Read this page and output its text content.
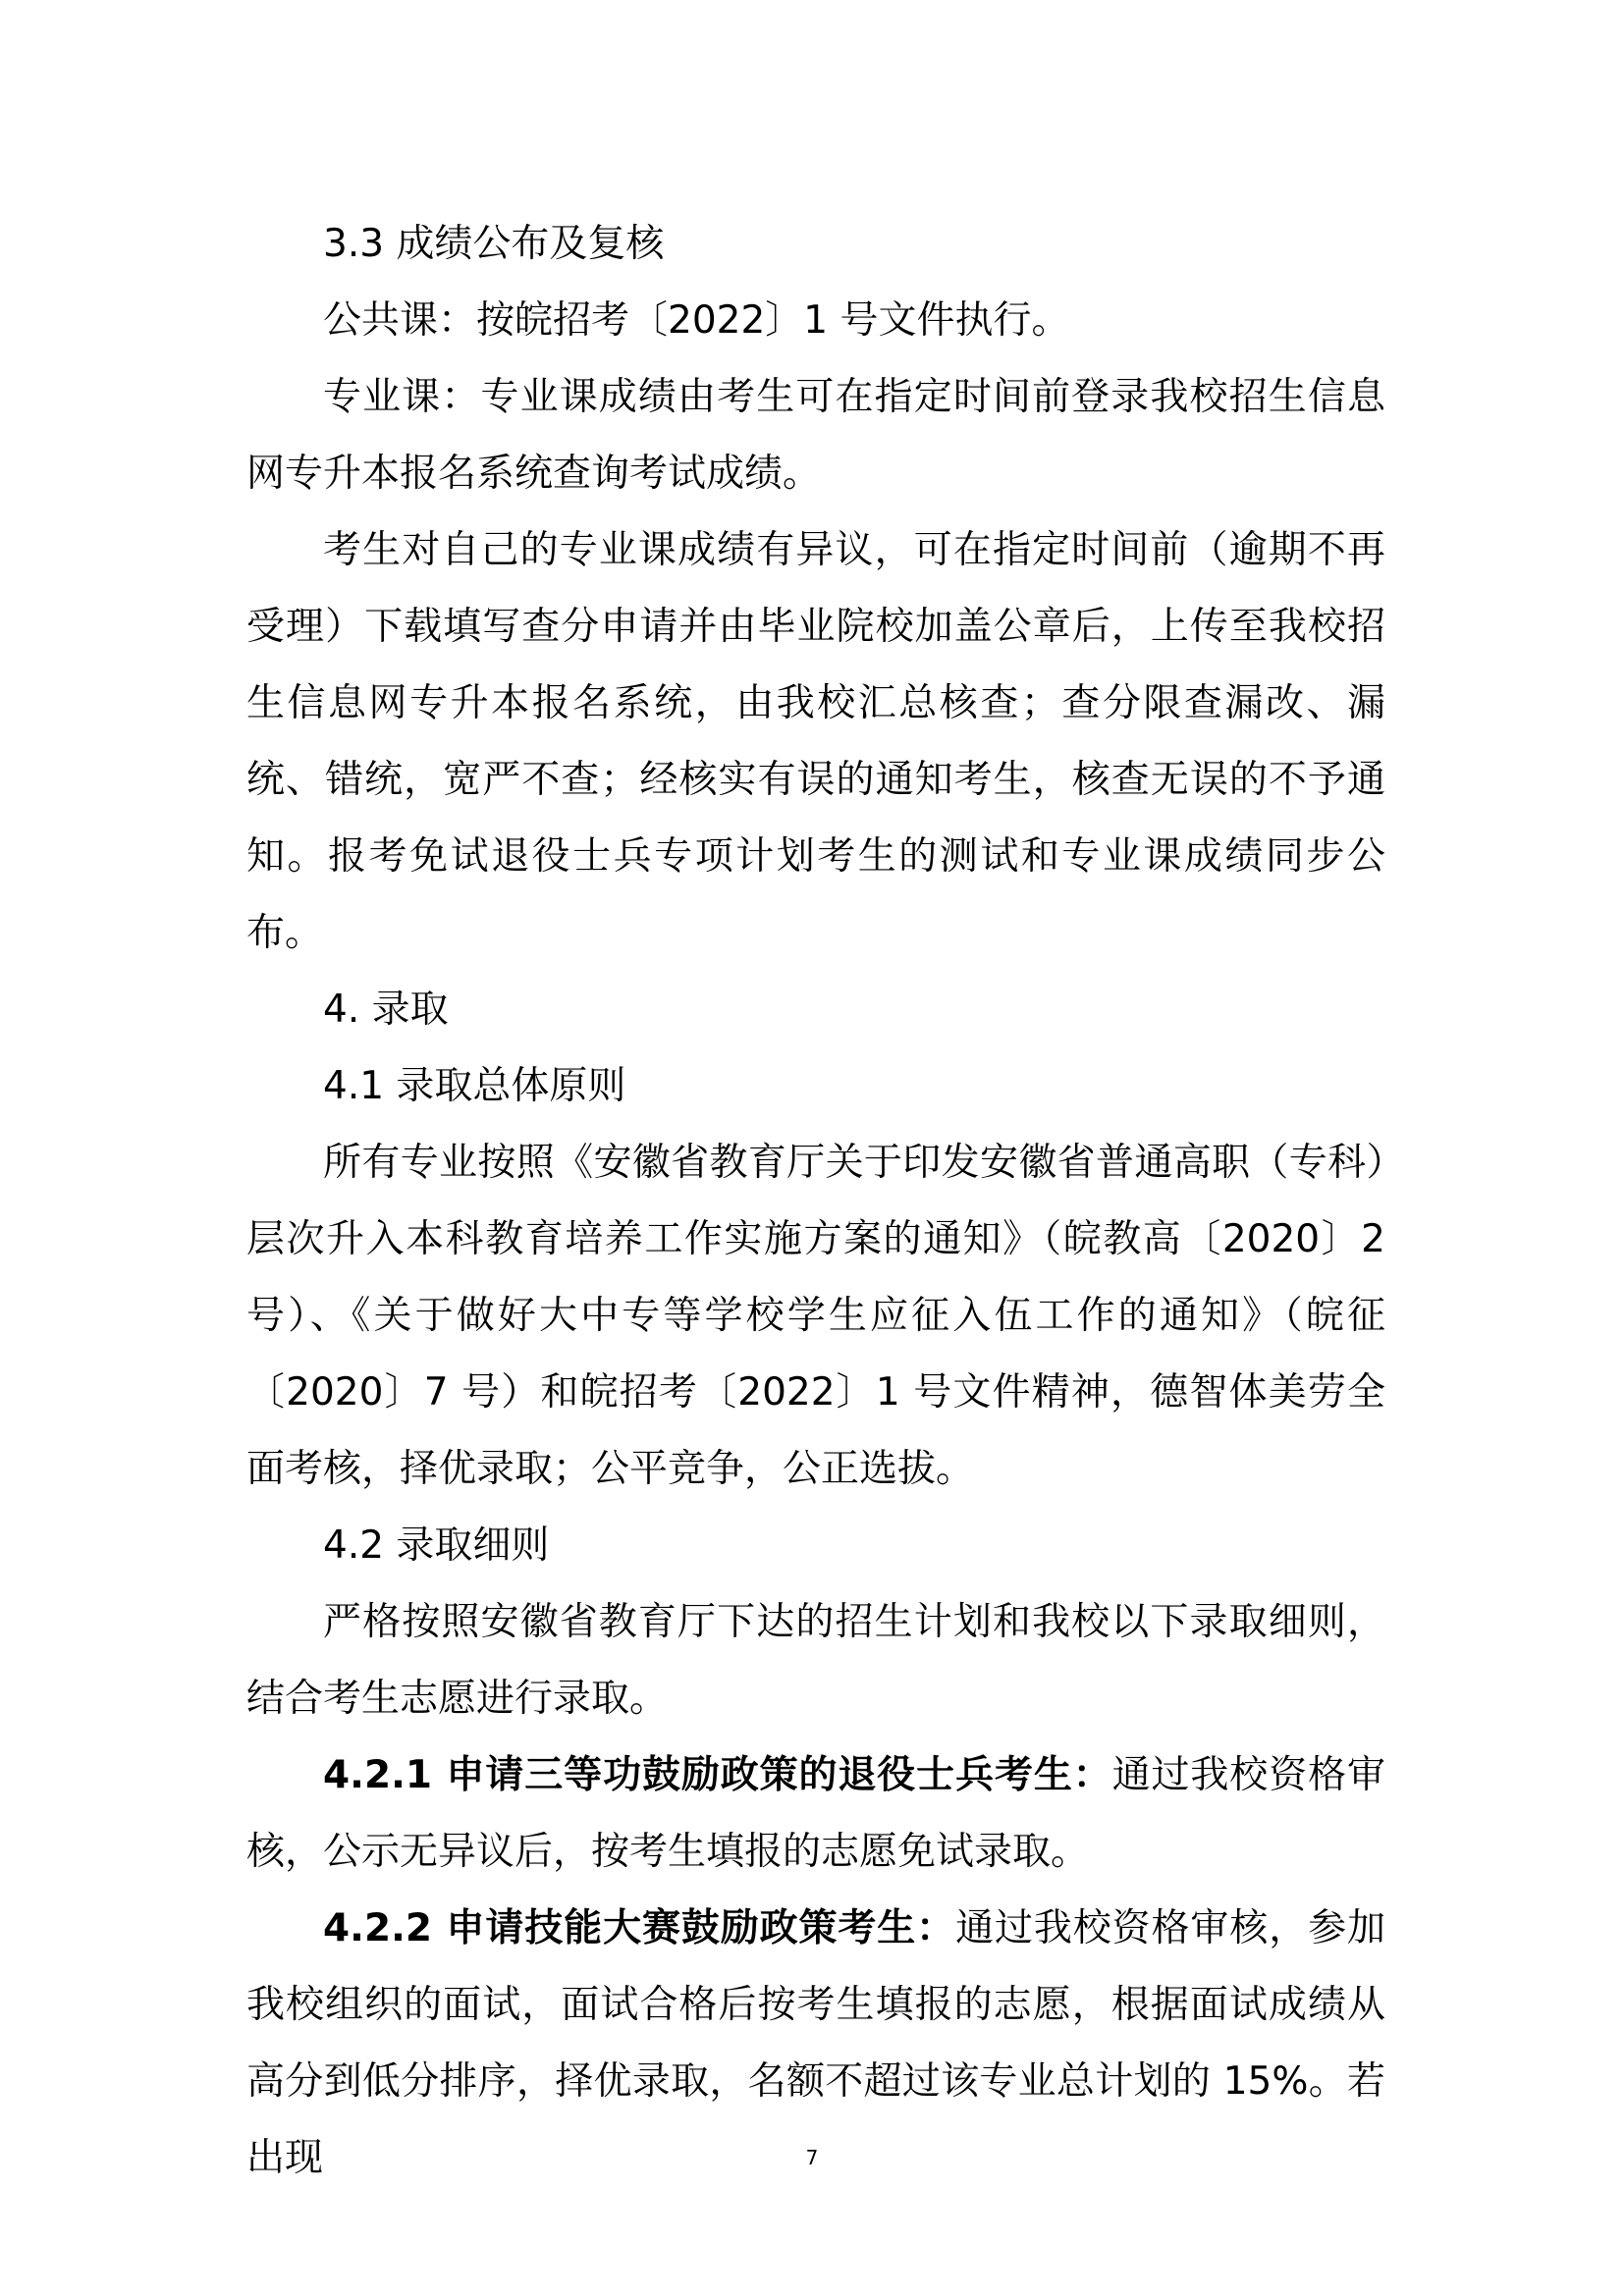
3.3 成绩公布及复核

公共课：按皖招考〔2022〕1 号文件执行。

专业课：专业课成绩由考生可在指定时间前登录我校招生信息网专升本报名系统查询考试成绩。

考生对自己的专业课成绩有异议，可在指定时间前（逾期不再受理）下载填写查分申请并由毕业院校加盖公章后，上传至我校招生信息网专升本报名系统，由我校汇总核查；查分限查漏改、漏统、错统，宽严不查；经核实有误的通知考生，核查无误的不予通知。报考免试退役士兵专项计划考生的测试和专业课成绩同步公布。

4. 录取

4.1 录取总体原则

所有专业按照《安徽省教育厅关于印发安徽省普通高职（专科）层次升入本科教育培养工作实施方案的通知》（皖教高〔2020〕2 号）、《关于做好大中专等学校学生应征入伍工作的通知》（皖征〔2020〕7 号）和皖招考〔2022〕1 号文件精神，德智体美劳全面考核，择优录取；公平竞争，公正选拔。

4.2 录取细则

严格按照安徽省教育厅下达的招生计划和我校以下录取细则，结合考生志愿进行录取。

4.2.1 申请三等功鼓励政策的退役士兵考生：通过我校资格审核，公示无异议后，按考生填报的志愿免试录取。

4.2.2 申请技能大赛鼓励政策考生：通过我校资格审核，参加我校组织的面试，面试合格后按考生填报的志愿，根据面试成绩从高分到低分排序，择优录取，名额不超过该专业总计划的 15%。若出现	7
